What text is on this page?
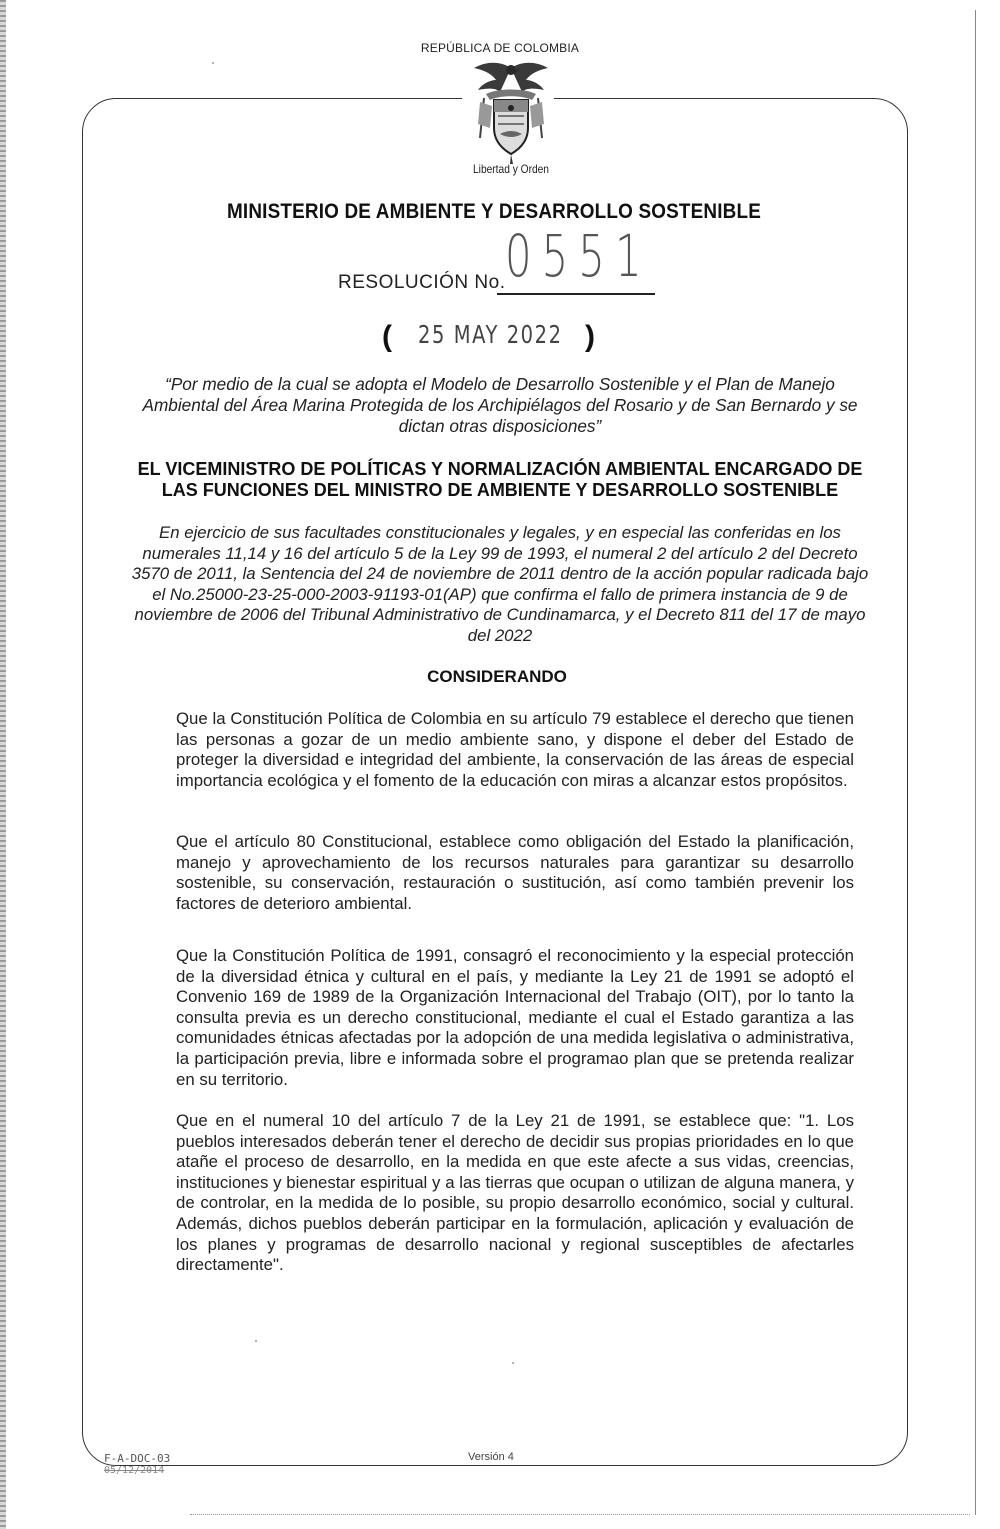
REPÚBLICA DE COLOMBIA
Libertad y Orden
MINISTERIO DE AMBIENTE Y DESARROLLO SOSTENIBLE
RESOLUCIÓN No. 0551
( 25 MAY 2022 )
“Por medio de la cual se adopta el Modelo de Desarrollo Sostenible y el Plan de Manejo Ambiental del Área Marina Protegida de los Archipiélagos del Rosario y de San Bernardo y se dictan otras disposiciones”
EL VICEMINISTRO DE POLÍTICAS Y NORMALIZACIÓN AMBIENTAL ENCARGADO DE LAS FUNCIONES DEL MINISTRO DE AMBIENTE Y DESARROLLO SOSTENIBLE
En ejercicio de sus facultades constitucionales y legales, y en especial las conferidas en los numerales 11,14 y 16 del artículo 5 de la Ley 99 de 1993, el numeral 2 del artículo 2 del Decreto 3570 de 2011, la Sentencia del 24 de noviembre de 2011 dentro de la acción popular radicada bajo el No.25000-23-25-000-2003-91193-01(AP) que confirma el fallo de primera instancia de 9 de noviembre de 2006 del Tribunal Administrativo de Cundinamarca, y el Decreto 811 del 17 de mayo del 2022
CONSIDERANDO
Que la Constitución Política de Colombia en su artículo 79 establece el derecho que tienen las personas a gozar de un medio ambiente sano, y dispone el deber del Estado de proteger la diversidad e integridad del ambiente, la conservación de las áreas de especial importancia ecológica y el fomento de la educación con miras a alcanzar estos propósitos.
Que el artículo 80 Constitucional, establece como obligación del Estado la planificación, manejo y aprovechamiento de los recursos naturales para garantizar su desarrollo sostenible, su conservación, restauración o sustitución, así como también prevenir los factores de deterioro ambiental.
Que la Constitución Política de 1991, consagró el reconocimiento y la especial protección de la diversidad étnica y cultural en el país, y mediante la Ley 21 de 1991 se adoptó el Convenio 169 de 1989 de la Organización Internacional del Trabajo (OIT), por lo tanto la consulta previa es un derecho constitucional, mediante el cual el Estado garantiza a las comunidades étnicas afectadas por la adopción de una medida legislativa o administrativa, la participación previa, libre e informada sobre el programao plan que se pretenda realizar en su territorio.
Que en el numeral 10 del artículo 7 de la Ley 21 de 1991, se establece que: "1. Los pueblos interesados deberán tener el derecho de decidir sus propias prioridades en lo que atañe el proceso de desarrollo, en la medida en que este afecte a sus vidas, creencias, instituciones y bienestar espiritual y a las tierras que ocupan o utilizan de alguna manera, y de controlar, en la medida de lo posible, su propio desarrollo económico, social y cultural. Además, dichos pueblos deberán participar en la formulación, aplicación y evaluación de los planes y programas de desarrollo nacional y regional susceptibles de afectarles directamente".
F-A-DOC-03
05/12/2014
Versión 4
